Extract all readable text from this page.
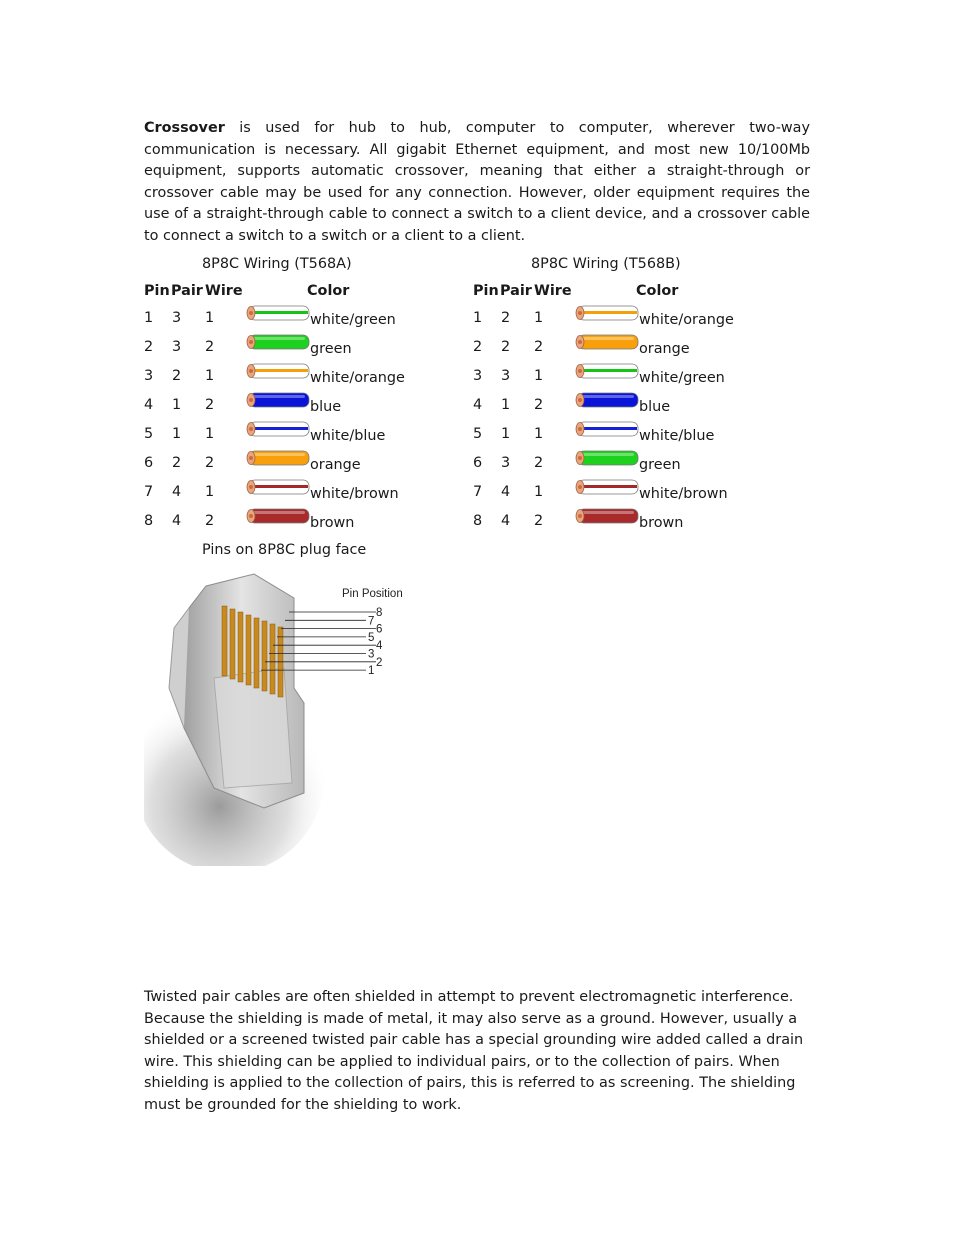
Crossover is used for hub to hub, computer to computer, wherever two-way communication is necessary. All gigabit Ethernet equipment, and most new 10/100Mb equipment, supports automatic crossover, meaning that either a straight-through or crossover cable may be used for any connection. However, older equipment requires the use of a straight-through cable to connect a switch to a client device, and a crossover cable to connect a switch to a switch or a client to a client.

8P8C Wiring (T568A)
Pin Pair Wire	Color
1 3 1	white/green
2 3 2	green
3 2 1	white/orange
4 1 2	blue
5 1 1	white/blue
6 2 2	orange
7 4 1	white/brown
8 4 2	brown
8P8C Wiring (T568B)
Pin Pair Wire	Color
1 2 1	white/orange
2 2 2	orange
3 3 1	white/green
4 1 2	blue
5 1 1	white/blue
6 3 2	green
7 4 1	white/brown
8 4 2	brown
Pins on 8P8C plug face
Pin Position
8
7
6
5
4
3
2
1

Twisted pair cables are often shielded in attempt to prevent electromagnetic interference. Because the shielding is made of metal, it may also serve as a ground. However, usually a shielded or a screened twisted pair cable has a special grounding wire added called a drain wire. This shielding can be applied to individual pairs, or to the collection of pairs. When shielding is applied to the collection of pairs, this is referred to as screening. The shielding must be grounded for the shielding to work.
